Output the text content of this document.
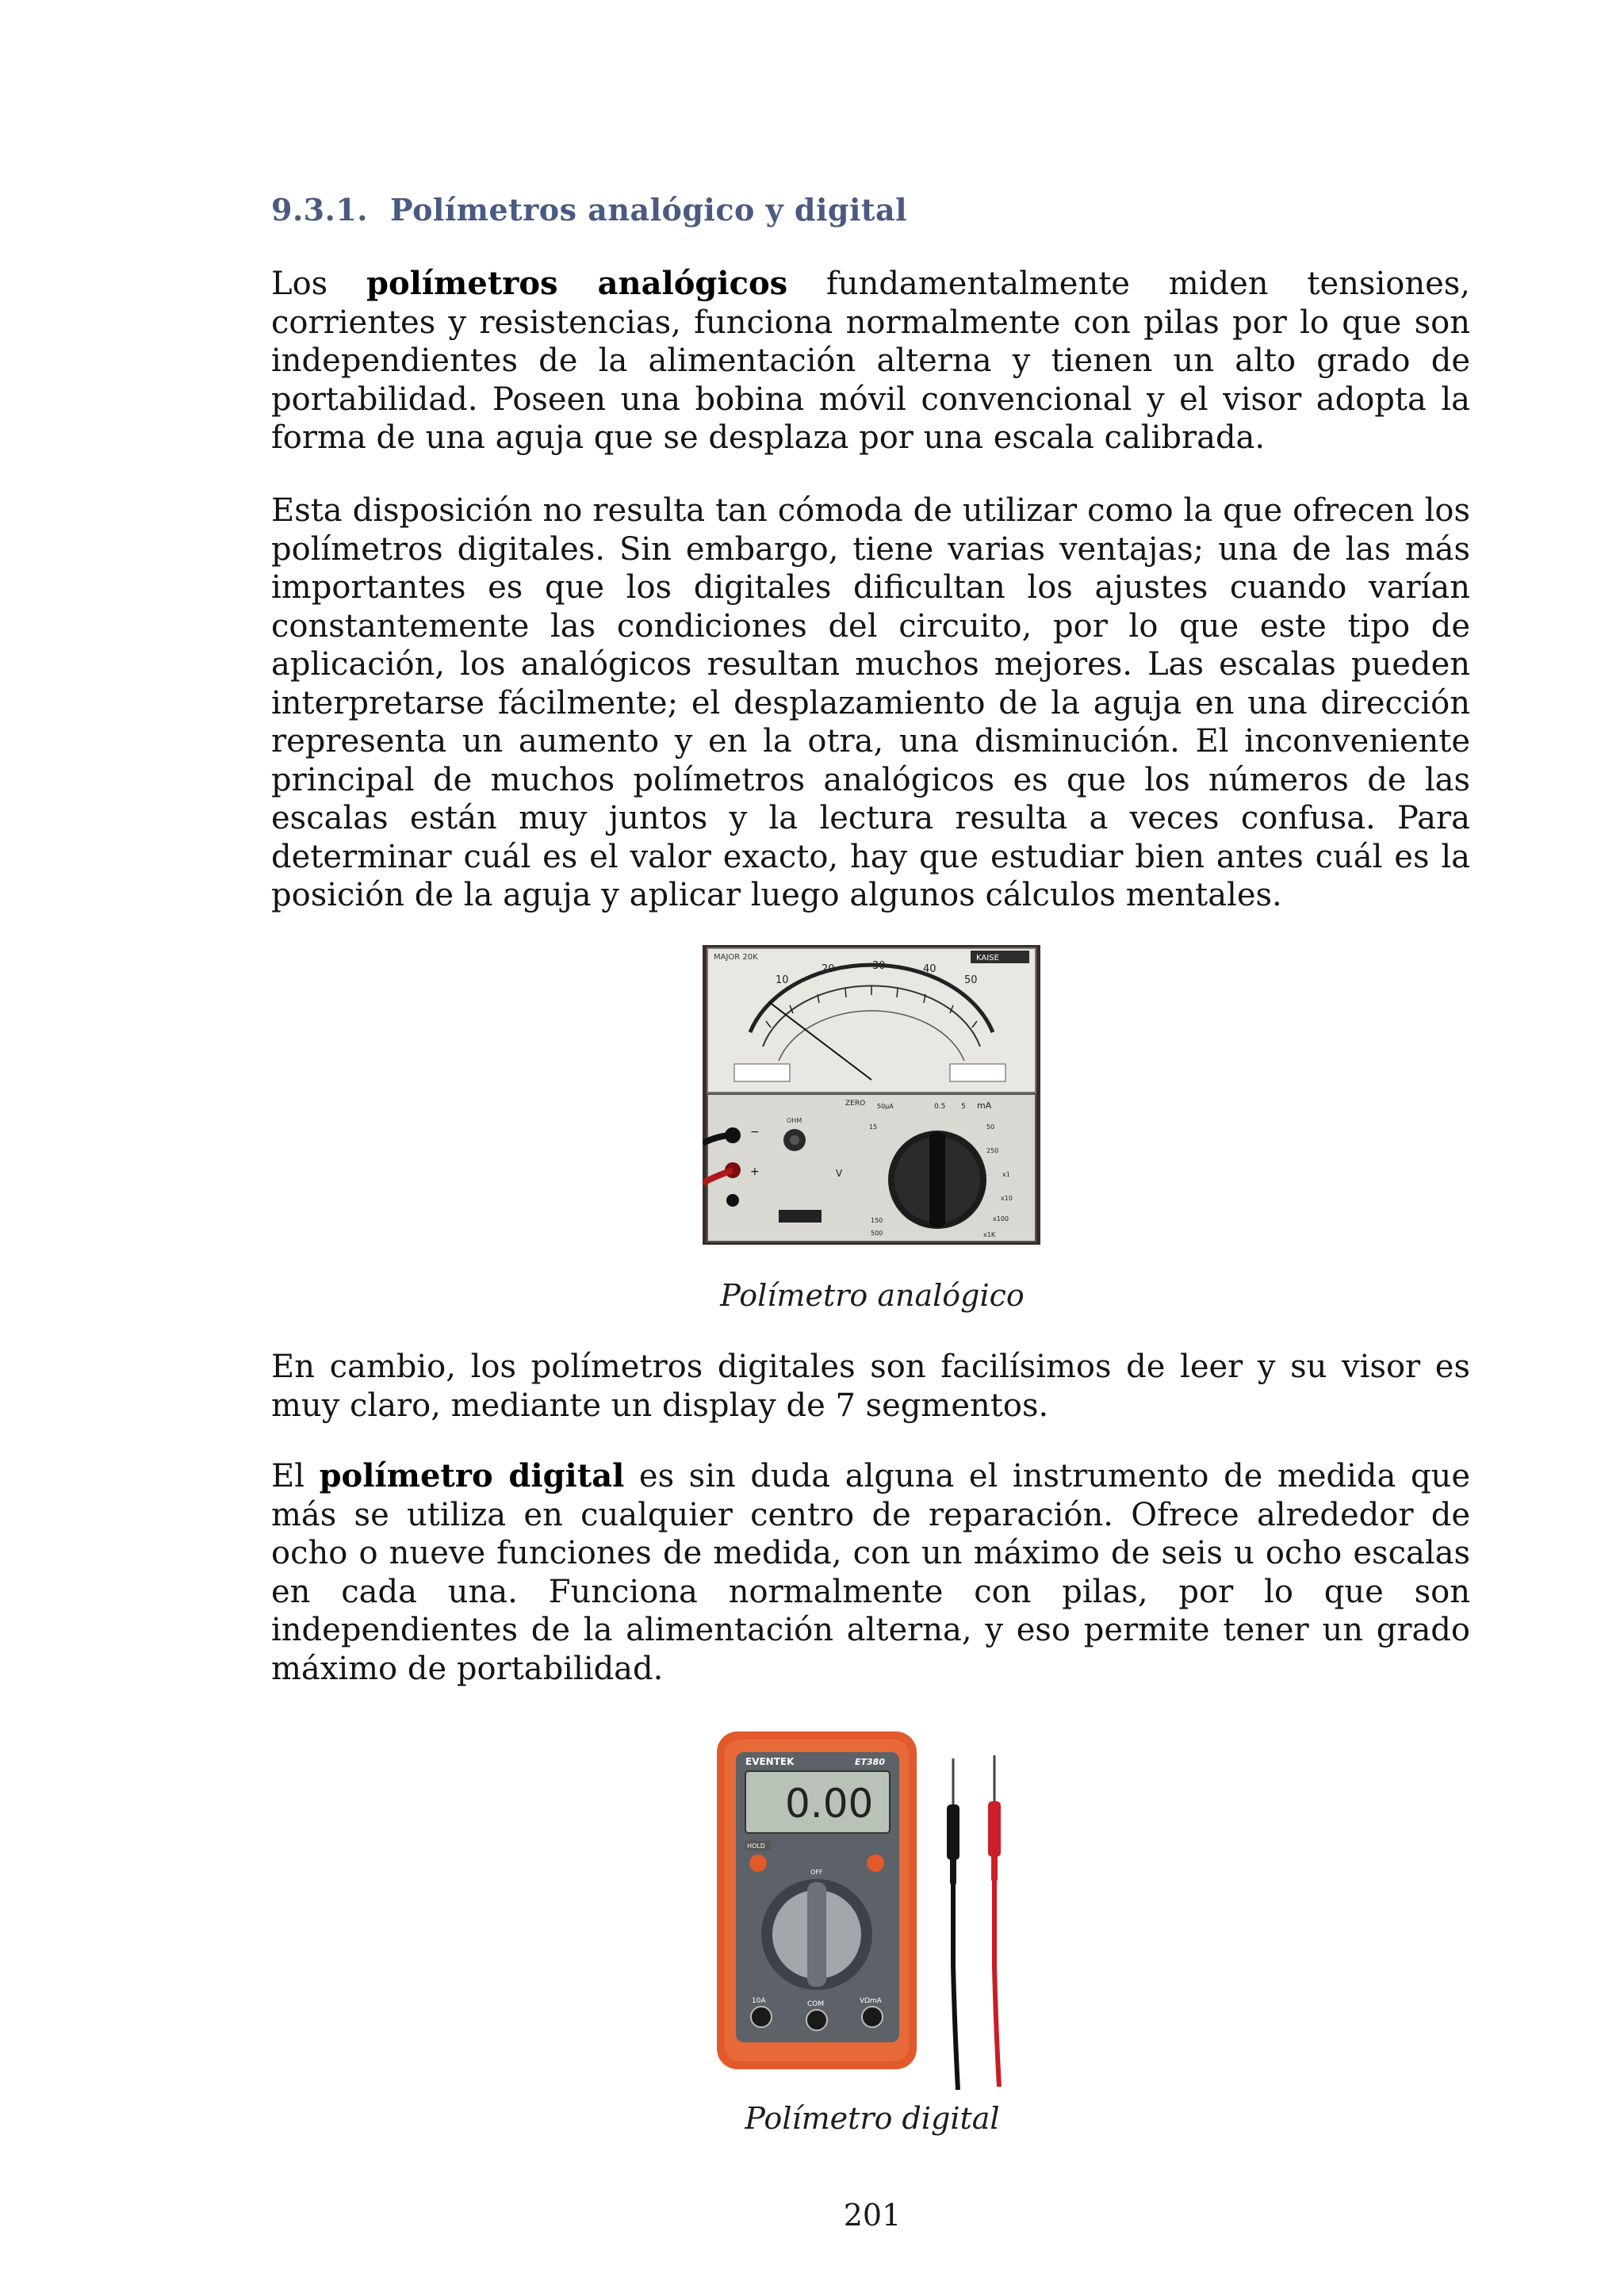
9.3.1. Polímetros analógico y digital

Los polímetros analógicos fundamentalmente miden tensiones, corrientes y resistencias, funciona normalmente con pilas por lo que son independientes de la alimentación alterna y tienen un alto grado de portabilidad. Poseen una bobina móvil convencional y el visor adopta la forma de una aguja que se desplaza por una escala calibrada.

Esta disposición no resulta tan cómoda de utilizar como la que ofrecen los polímetros digitales. Sin embargo, tiene varias ventajas; una de las más importantes es que los digitales dificultan los ajustes cuando varían constantemente las condiciones del circuito, por lo que este tipo de aplicación, los analógicos resultan muchos mejores. Las escalas pueden interpretarse fácilmente; el desplazamiento de la aguja en una dirección representa un aumento y en la otra, una disminución. El inconveniente principal de muchos polímetros analógicos es que los números de las escalas están muy juntos y la lectura resulta a veces confusa. Para determinar cuál es el valor exacto, hay que estudiar bien antes cuál es la posición de la aguja y aplicar luego algunos cálculos mentales.

MAJOR 20K	KAISE
10
20	30	40
50
ZERO
OHM
−
+
50μA	0.5 5 mA
15	50
250
V
150
500
x1
x10
x100
x1K
Polímetro analógico

En cambio, los polímetros digitales son facilísimos de leer y su visor es muy claro, mediante un display de 7 segmentos.

El polímetro digital es sin duda alguna el instrumento de medida que más se utiliza en cualquier centro de reparación. Ofrece alrededor de ocho o nueve funciones de medida, con un máximo de seis u ocho escalas en cada una. Funciona normalmente con pilas, por lo que son independientes de la alimentación alterna, y eso permite tener un grado máximo de portabilidad.

EVENTEK	ET380
0.00
HOLD
OFF
10A	COM	VΩmA
Polímetro digital
201
